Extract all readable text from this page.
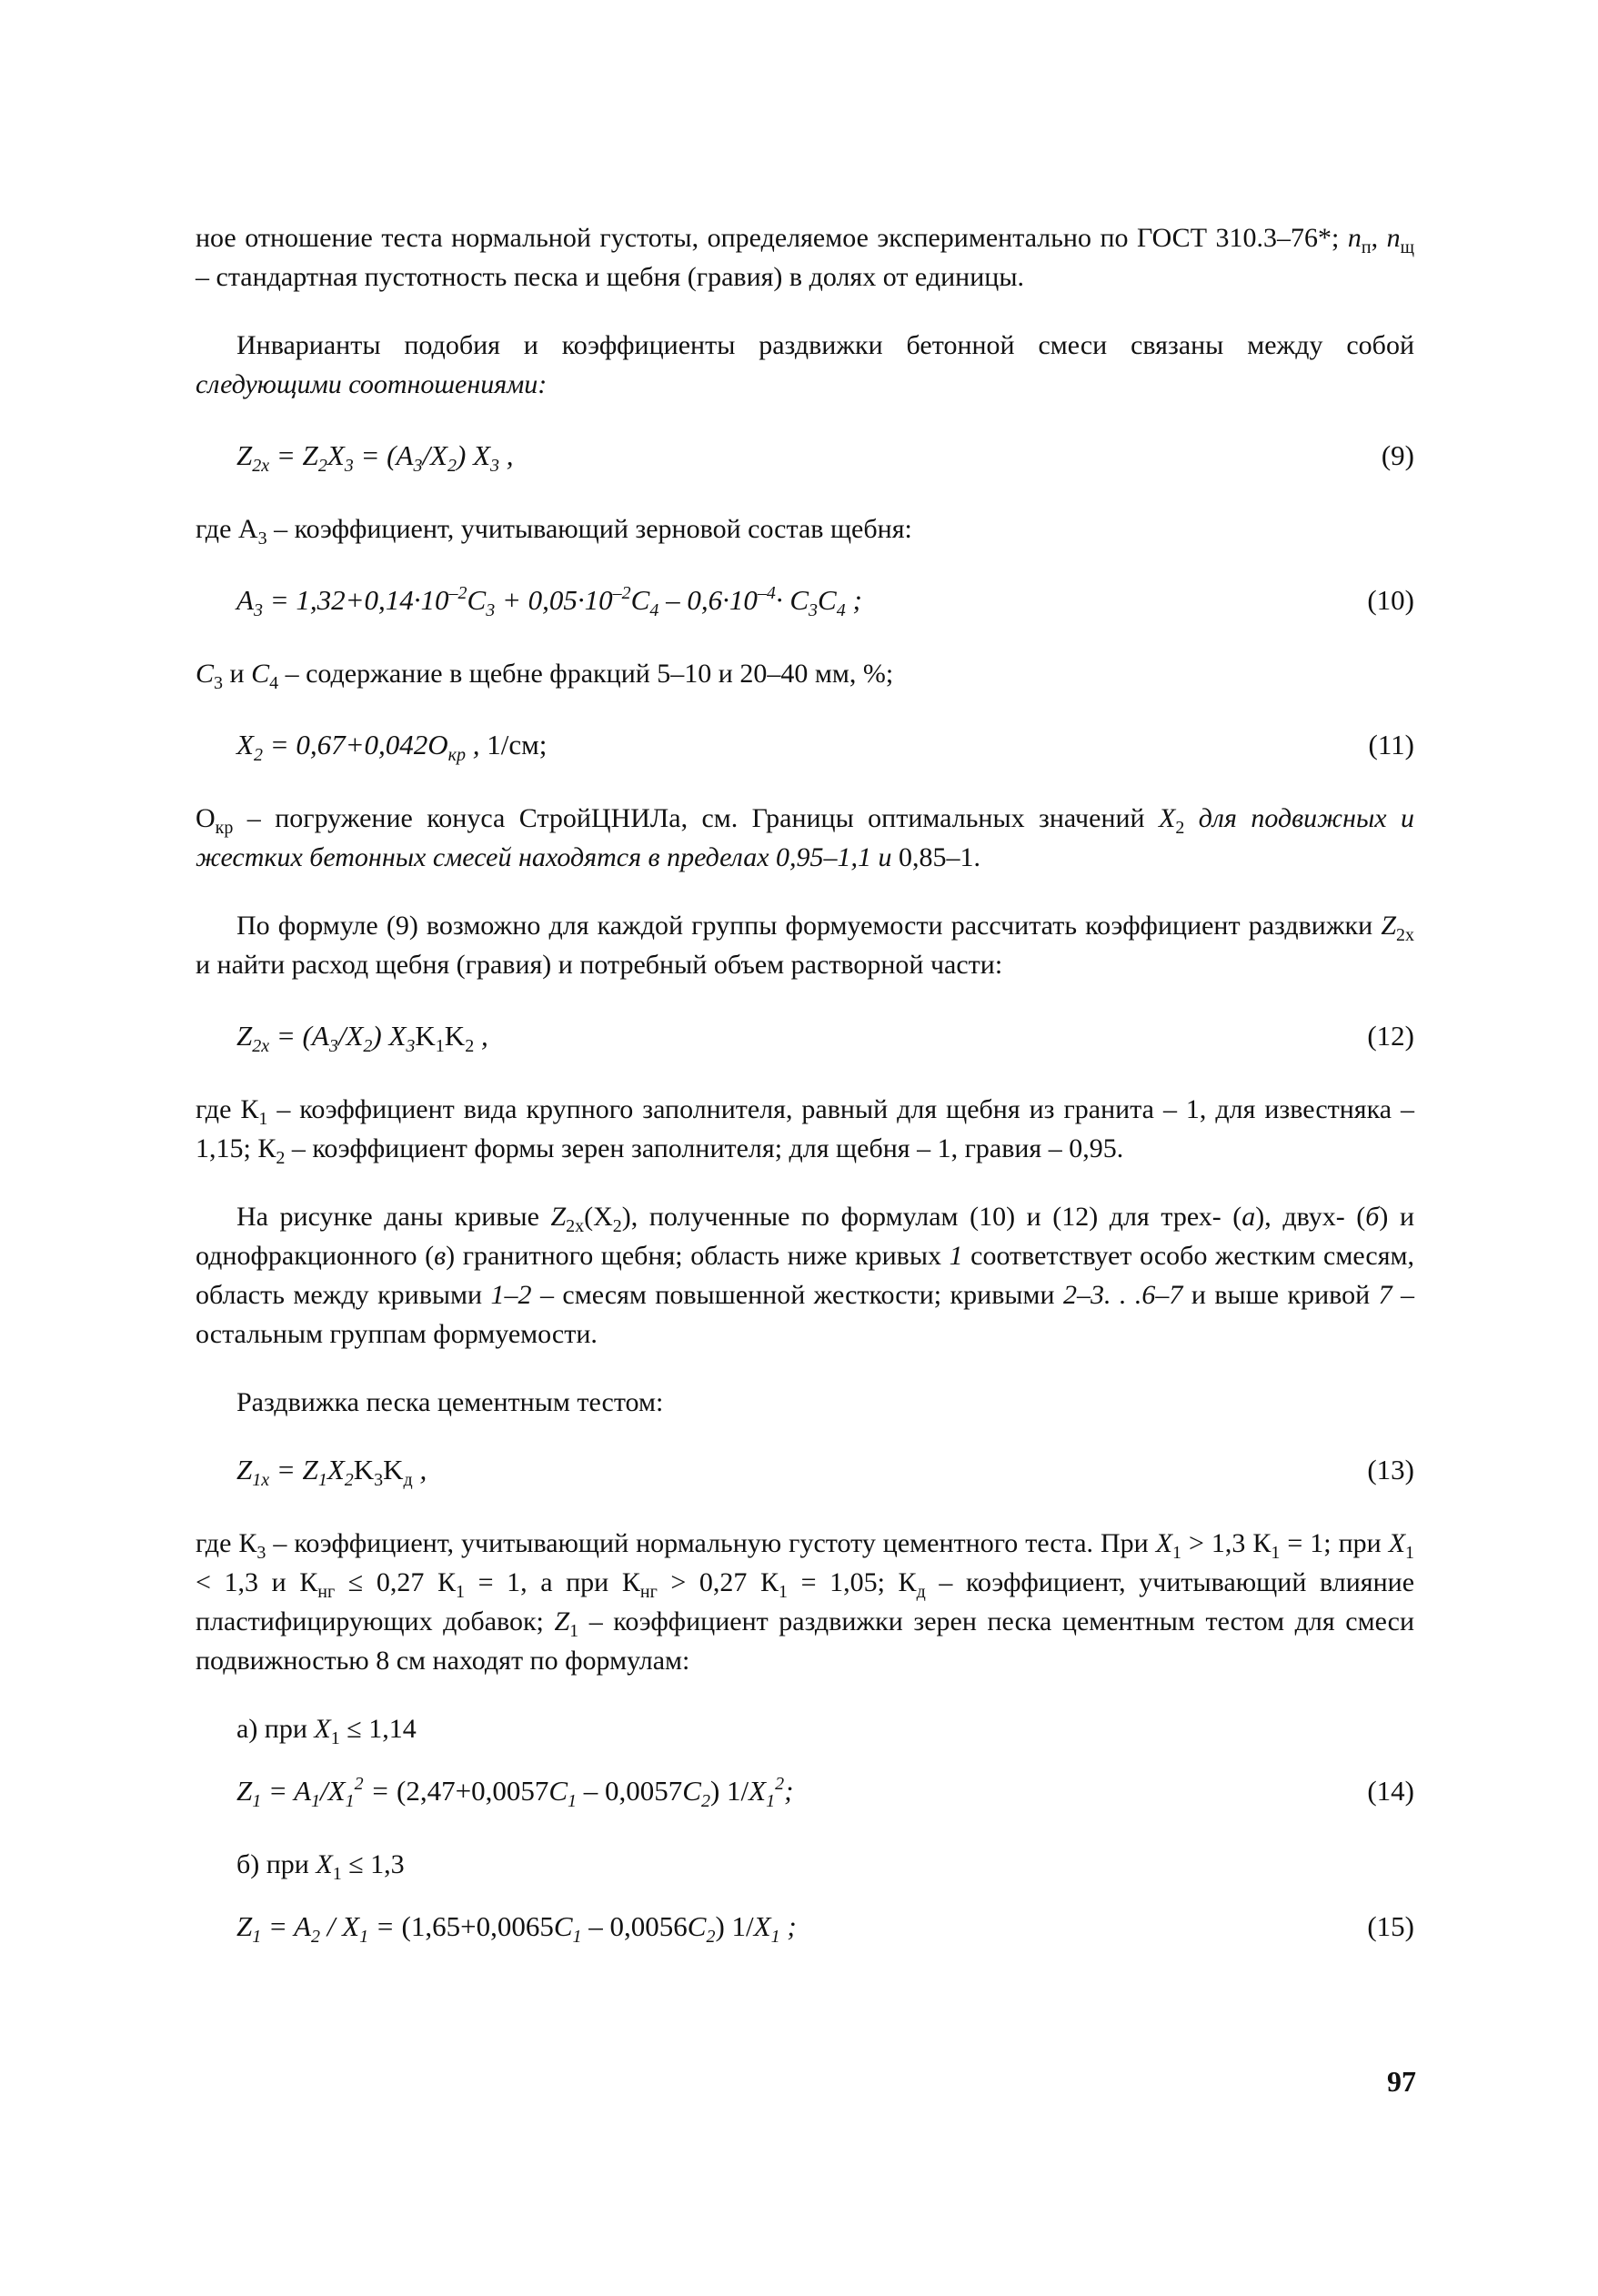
ное отношение теста нормальной густоты, определяемое экспериментально по ГОСТ 310.3–76*; $n_п$, $n_щ$ – стандартная пустотность песка и щебня (гравия) в долях от единицы.

Инварианты подобия и коэффициенты раздвижки бетонной смеси связаны между собой следующими соотношениями:

$Z_{2x} = Z_2X_3 = (A_3/X_2)$ $X_3$ ,	(9)

где $А_3$ – коэффициент, учитывающий зерновой состав щебня:

$А_3 = 1,32+0,14\cdot 10^{-2}C_3 + 0,05\cdot 10^{-2}C_4 - 0,6\cdot 10^{-4}\cdot C_3C_4$ ;	(10)

$C_3$ и $C_4$ – содержание в щебне фракций 5–10 и 20–40 мм, %;

$X_2 = 0,67+0,042O_{кр}$ , 1/см;	(11)

$О_{кр}$ – погружение конуса СтройЦНИЛа, см. Границы оптимальных значений $X_2$ для подвижных и жестких бетонных смесей находятся в пределах 0,95–1,1 и 0,85–1.

По формуле (9) возможно для каждой группы формуемости рассчитать коэффициент раздвижки $Z_{2x}$ и найти расход щебня (гравия) и потребный объем растворной части:

$Z_{2x} = (A_3/X_2)$ $X_3K_1K_2$ ,	(12)

где $К_1$ – коэффициент вида крупного заполнителя, равный для щебня из гранита – 1, для известняка – 1,15; $К_2$ – коэффициент формы зерен заполнителя; для щебня – 1, гравия – 0,95.

На рисунке даны кривые $Z_{2x}(X_2)$, полученные по формулам (10) и (12) для трех- (а), двух- (б) и однофракционного (в) гранитного щебня; область ниже кривых 1 соответствует особо жестким смесям, область между кривыми 1–2 – смесям повышенной жесткости; кривыми 2–3. . .6–7 и выше кривой 7 – остальным группам формуемости.

Раздвижка песка цементным тестом:

$Z_{1x} = Z_1X_2K_3K_д$ ,	(13)

где $К_3$ – коэффициент, учитывающий нормальную густоту цементного теста. При $X_1 > 1,3$ $К_1 = 1$; при $X_1 < 1,3$ и $К_{нг} \le 0,27$ $К_1 = 1$, а при $К_{нг} > 0,27$ $К_1 = 1,05$; $К_д$ – коэффициент, учитывающий влияние пластифицирующих добавок; $Z_1$ – коэффициент раздвижки зерен песка цементным тестом для смеси подвижностью 8 см находят по формулам:

а) при $X_1 \le 1,14$

$Z_1 = A_1/X_1^2 = (2,47+0,0057C_1 - 0,0057C_2)$ $1/X_1^2$;	(14)

б) при $X_1 \le 1,3$

$Z_1 = A_2 / X_1 = (1,65+0,0065C_1 - 0,0056C_2)$ $1/X_1$ ;	(15)
97
